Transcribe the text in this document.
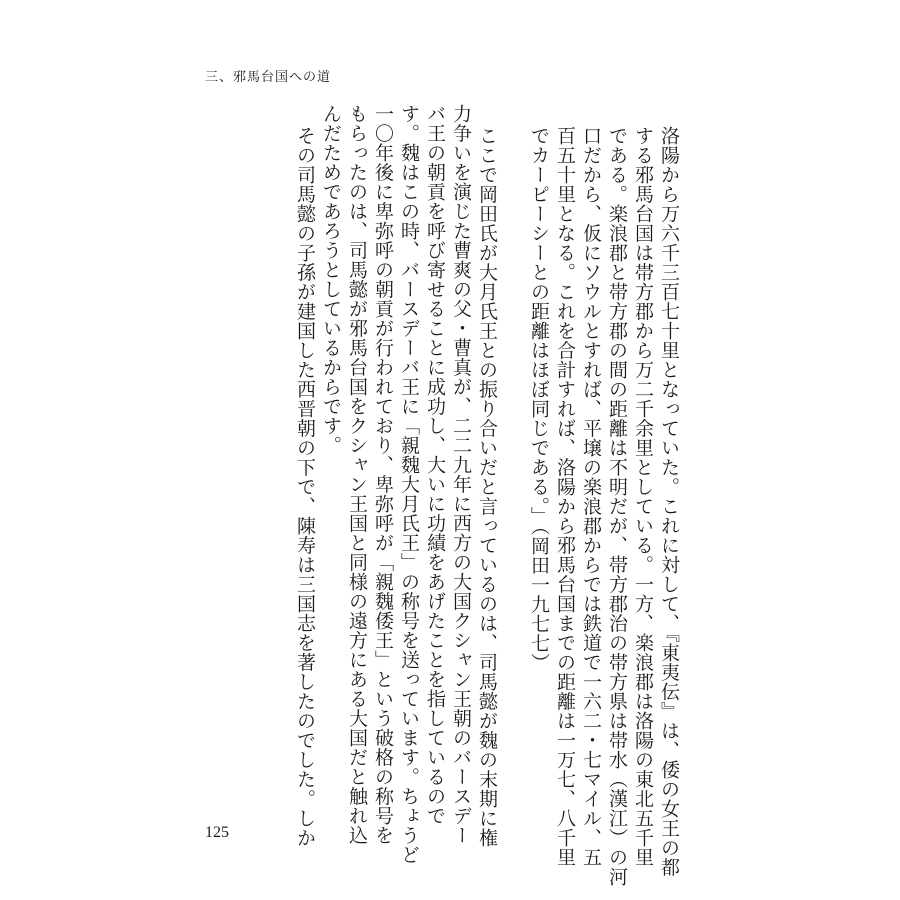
三、邪馬台国への道
洛陽から万六千三百七十里となっていた。これに対して、『東夷伝』は、倭の女王の都
する邪馬台国は帯方郡から万二千余里としている。一方、楽浪郡は洛陽の東北五千里
である。楽浪郡と帯方郡の間の距離は不明だが、帯方郡治の帯方県は帯水（漢江）の河
口だから、仮にソウルとすれば、平壌の楽浪郡からでは鉄道で一六二・七マイル、五
百五十里となる。これを合計すれば、洛陽から邪馬台国までの距離は一万七、八千里
でカーピーシーとの距離はほぼ同じである。」（岡田一九七七）
ここで岡田氏が大月氏王との振り合いだと言っているのは、司馬懿が魏の末期に権
力争いを演じた曹爽の父・曹真が、二二九年に西方の大国クシャン王朝のバースデー
バ王の朝貢を呼び寄せることに成功し、大いに功績をあげたことを指しているので
す。魏はこの時、バースデーバ王に「親魏大月氏王」の称号を送っています。ちょうど
一〇年後に卑弥呼の朝貢が行われており、卑弥呼が「親魏倭王」という破格の称号を
もらったのは、司馬懿が邪馬台国をクシャン王国と同様の遠方にある大国だと触れ込
んだためであろうとしているからです。
その司馬懿の子孫が建国した西晋朝の下で、陳寿は三国志を著したのでした。しか
125
